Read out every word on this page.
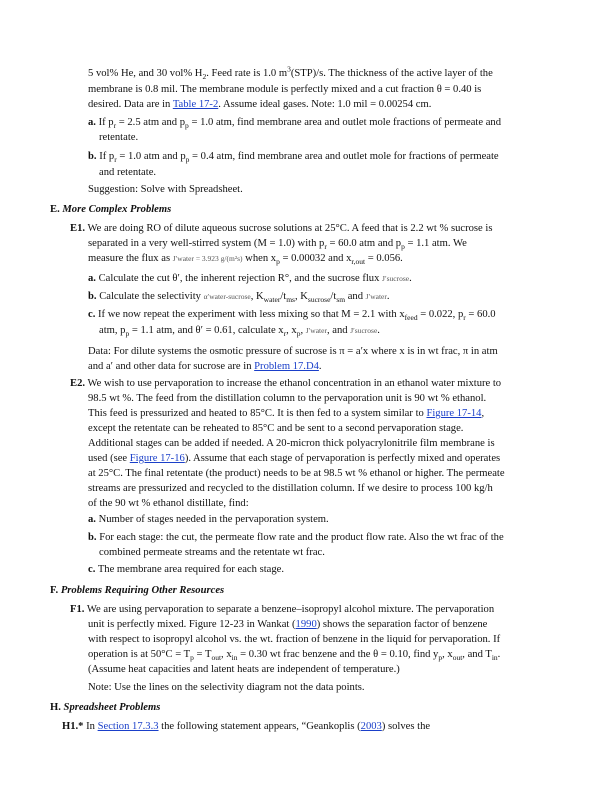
5 vol% He, and 30 vol% $H_2$. Feed rate is 1.0 $m^3(STP)/s$. The thickness of the active layer of the

membrane is 0.8 mil. The membrane module is perfectly mixed and a cut fraction θ = 0.40 is

desired. Data are in Table 17-2. Assume ideal gases. Note: 1.0 mil = 0.00254 cm.

a. If $p_r = 2.5$ atm and $p_p = 1.0$ atm, find membrane area and outlet mole fractions of permeate and

retentate.

b. If $p_r = 1.0$ atm and $p_p = 0.4$ atm, find membrane area and outlet mole for fractions of permeate

and retentate.

Suggestion: Solve with Spreadsheet.

E. More Complex Problems

E1. We are doing RO of dilute aqueous sucrose solutions at 25°C. A feed that is 2.2 wt % sucrose is

separated in a very well-stirred system (M = 1.0) with $p_r = 60.0$ atm and $p_p = 1.1$ atm. We

measure the flux as J′water = 3.923 g/(m²s) when $x_p = 0.00032$ and $x_{r,out} = 0.056$.

a. Calculate the cut θ′, the inherent rejection R°, and the sucrose flux J′sucrose.

b. Calculate the selectivity α′water-sucrose, $K_{water}/t_{ms}$, $K_{sucrose}/t_{sm}$ and J′water.

c. If we now repeat the experiment with less mixing so that M = 2.1 with $x_{feed} = 0.022$, $p_r = 60.0$

atm, $p_p = 1.1$ atm, and θ′ = 0.61, calculate $x_r$, $x_p$, J′water, and J′sucrose.

Data: For dilute systems the osmotic pressure of sucrose is π = a′x where x is in wt frac, π in atm

and a′ and other data for sucrose are in Problem 17.D4.

E2. We wish to use pervaporation to increase the ethanol concentration in an ethanol water mixture to

98.5 wt %. The feed from the distillation column to the pervaporation unit is 90 wt % ethanol.

This feed is pressurized and heated to 85°C. It is then fed to a system similar to Figure 17-14,

except the retentate can be reheated to 85°C and be sent to a second pervaporation stage.

Additional stages can be added if needed. A 20-micron thick polyacrylonitrile film membrane is

used (see Figure 17-16). Assume that each stage of pervaporation is perfectly mixed and operates

at 25°C. The final retentate (the product) needs to be at 98.5 wt % ethanol or higher. The permeate

streams are pressurized and recycled to the distillation column. If we desire to process 100 kg/h

of the 90 wt % ethanol distillate, find:

a. Number of stages needed in the pervaporation system.

b. For each stage: the cut, the permeate flow rate and the product flow rate. Also the wt frac of the

combined permeate streams and the retentate wt frac.

c. The membrane area required for each stage.

F. Problems Requiring Other Resources

F1. We are using pervaporation to separate a benzene–isopropyl alcohol mixture. The pervaporation

unit is perfectly mixed. Figure 12-23 in Wankat (1990) shows the separation factor of benzene

with respect to isopropyl alcohol vs. the wt. fraction of benzene in the liquid for pervaporation. If

operation is at $50^\circ C = T_p = T_{out}$, $x_{in} = 0.30$ wt frac benzene and the θ = 0.10, find $y_p$, $x_{out}$, and $T_{in}$.

(Assume heat capacities and latent heats are independent of temperature.)

Note: Use the lines on the selectivity diagram not the data points.

H. Spreadsheet Problems

H1.* In Section 17.3.3 the following statement appears, “Geankoplis (2003) solves the
